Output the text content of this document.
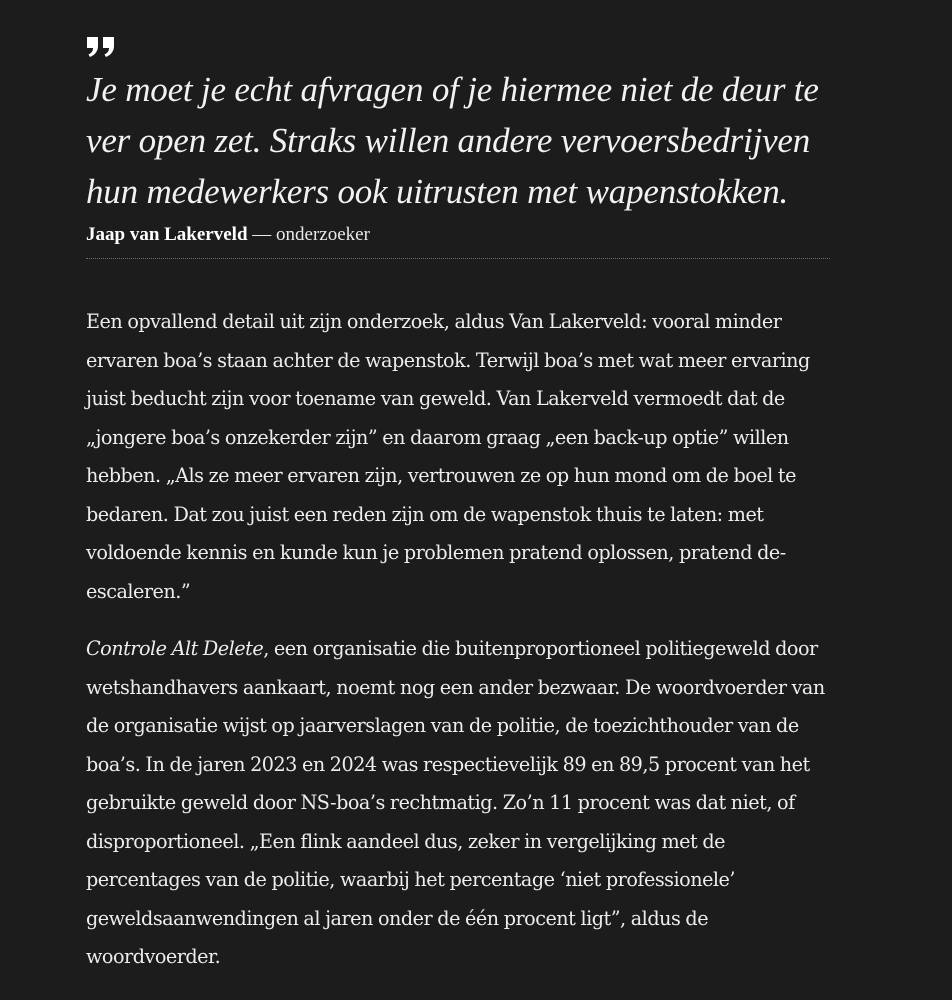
Je moet je echt afvragen of je hiermee niet de deur te ver open zet. Straks willen andere vervoersbedrijven hun medewerkers ook uitrusten met wapenstokken.

Jaap van Lakerveld — onderzoeker

Een opvallend detail uit zijn onderzoek, aldus Van Lakerveld: vooral minder ervaren boa’s staan achter de wapenstok. Terwijl boa’s met wat meer ervaring juist beducht zijn voor toename van geweld. Van Lakerveld vermoedt dat de „jongere boa’s onzekerder zijn” en daarom graag „een back-up optie” willen hebben. „Als ze meer ervaren zijn, vertrouwen ze op hun mond om de boel te bedaren. Dat zou juist een reden zijn om de wapenstok thuis te laten: met voldoende kennis en kunde kun je problemen pratend oplossen, pratend de-escaleren.”

Controle Alt Delete, een organisatie die buitenproportioneel politiegeweld door wetshandhavers aankaart, noemt nog een ander bezwaar. De woordvoerder van de organisatie wijst op jaarverslagen van de politie, de toezichthouder van de boa’s. In de jaren 2023 en 2024 was respectievelijk 89 en 89,5 procent van het gebruikte geweld door NS-boa’s rechtmatig. Zo’n 11 procent was dat niet, of disproportioneel. „Een flink aandeel dus, zeker in vergelijking met de percentages van de politie, waarbij het percentage ‘niet professionele’ geweldsaanwendingen al jaren onder de één procent ligt”, aldus de woordvoerder.
